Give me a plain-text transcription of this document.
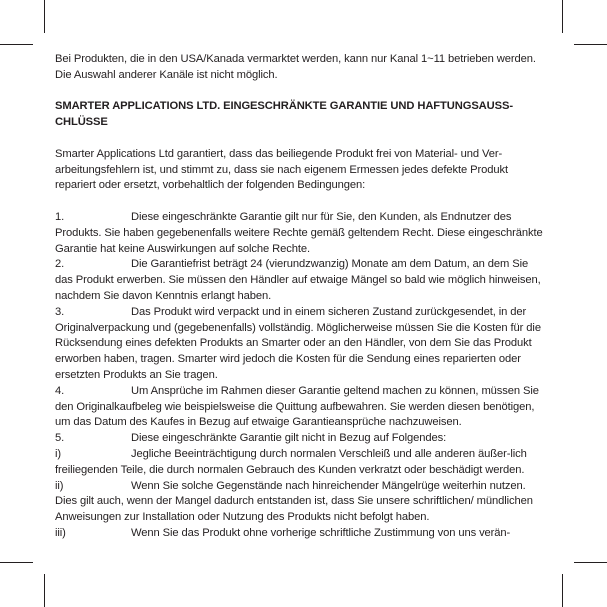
Bei Produkten, die in den USA/Kanada vermarktet werden, kann nur Kanal 1~11 betrieben werden.

Die Auswahl anderer Kanäle ist nicht möglich.

SMARTER APPLICATIONS LTD. EINGESCHRÄNKTE GARANTIE UND HAFTUNGSAUSS-CHLÜSSE

Smarter Applications Ltd garantiert, dass das beiliegende Produkt frei von Material- und Ver-arbeitungsfehlern ist, und stimmt zu, dass sie nach eigenem Ermessen jedes defekte Produkt repariert oder ersetzt, vorbehaltlich der folgenden Bedingungen:

1.	Diese eingeschränkte Garantie gilt nur für Sie, den Kunden, als Endnutzer des Produkts. Sie haben gegebenenfalls weitere Rechte gemäß geltendem Recht. Diese eingeschränkte Garantie hat keine Auswirkungen auf solche Rechte.

2.	Die Garantiefrist beträgt 24 (vierundzwanzig) Monate am dem Datum, an dem Sie das Produkt erwerben. Sie müssen den Händler auf etwaige Mängel so bald wie möglich hinweisen, nachdem Sie davon Kenntnis erlangt haben.

3.	Das Produkt wird verpackt und in einem sicheren Zustand zurückgesendet, in der Originalverpackung und (gegebenenfalls) vollständig. Möglicherweise müssen Sie die Kosten für die Rücksendung eines defekten Produkts an Smarter oder an den Händler, von dem Sie das Produkt erworben haben, tragen. Smarter wird jedoch die Kosten für die Sendung eines reparierten oder ersetzten Produkts an Sie tragen.

4.	Um Ansprüche im Rahmen dieser Garantie geltend machen zu können, müssen Sie den Originalkaufbeleg wie beispielsweise die Quittung aufbewahren. Sie werden diesen benötigen, um das Datum des Kaufes in Bezug auf etwaige Garantieansprüche nachzuweisen.

5.	Diese eingeschränkte Garantie gilt nicht in Bezug auf Folgendes:

i)	Jegliche Beeinträchtigung durch normalen Verschleiß und alle anderen äußer-lich freiliegenden Teile, die durch normalen Gebrauch des Kunden verkratzt oder beschädigt werden.

ii)	Wenn Sie solche Gegenstände nach hinreichender Mängelrüge weiterhin nutzen. Dies gilt auch, wenn der Mangel dadurch entstanden ist, dass Sie unsere schriftlichen/ mündlichen Anweisungen zur Installation oder Nutzung des Produkts nicht befolgt haben.

iii)	Wenn Sie das Produkt ohne vorherige schriftliche Zustimmung von uns verän-
